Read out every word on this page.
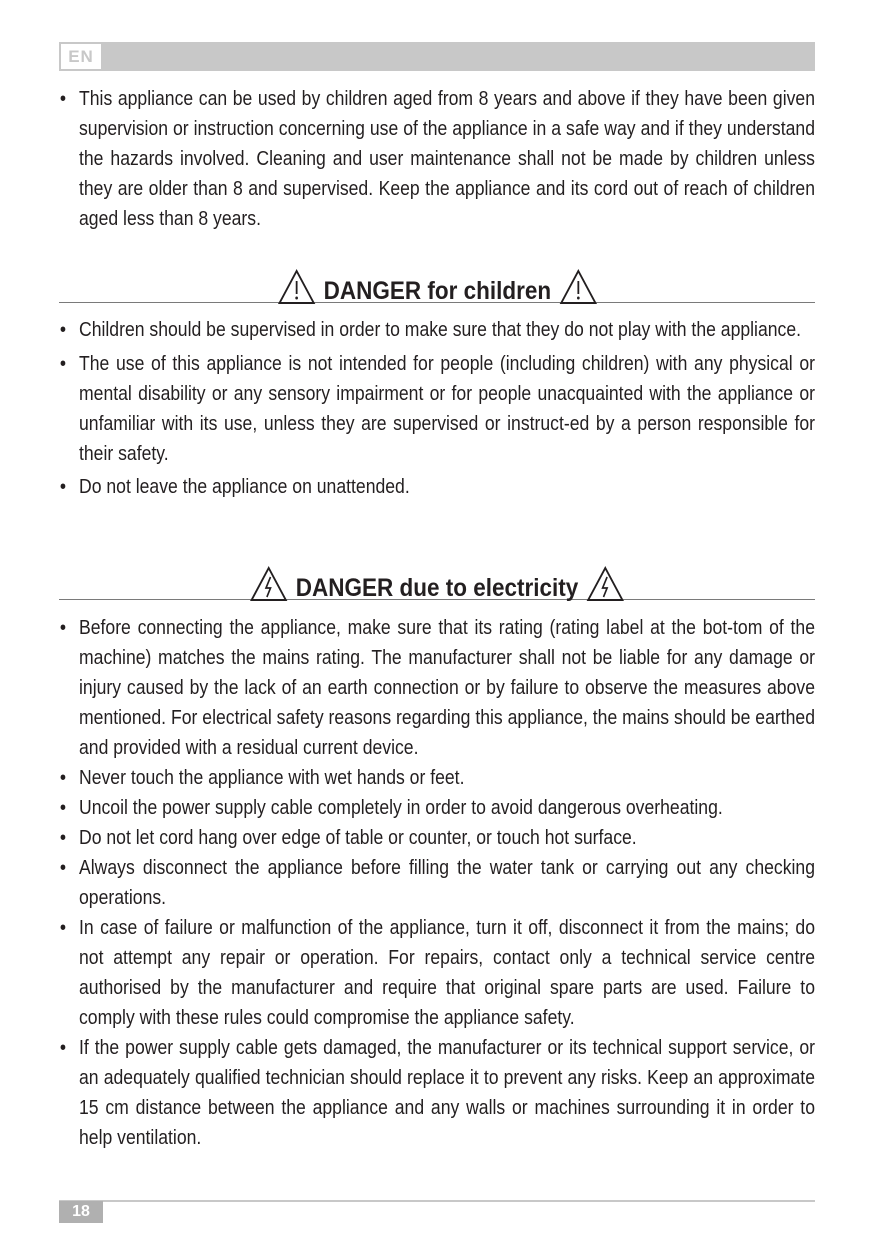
EN
• This appliance can be used by children aged from 8 years and above if they have been given supervision or instruction concerning use of the appliance in a safe way and if they understand the hazards involved. Cleaning and user maintenance shall not be made by children unless they are older than 8 and supervised. Keep the appliance and its cord out of reach of children aged less than 8 years.
DANGER for children
• Children should be supervised in order to make sure that they do not play with the appliance.
• The use of this appliance is not intended for people (including children) with any physical or mental disability or any sensory impairment or for people unacquainted with the appliance or unfamiliar with its use, unless they are supervised or instruct-ed by a person responsible for their safety.
• Do not leave the appliance on unattended.
DANGER due to electricity
• Before connecting the appliance, make sure that its rating (rating label at the bot-tom of the machine) matches the mains rating. The manufacturer shall not be liable for any damage or injury caused by the lack of an earth connection or by failure to observe the measures above mentioned. For electrical safety reasons regarding this appliance, the mains should be earthed and provided with a residual current device.
• Never touch the appliance with wet hands or feet.
• Uncoil the power supply cable completely in order to avoid dangerous overheating.
• Do not let cord hang over edge of table or counter, or touch hot surface.
• Always disconnect the appliance before filling the water tank or carrying out any checking operations.
• In case of failure or malfunction of the appliance, turn it off, disconnect it from the mains; do not attempt any repair or operation. For repairs, contact only a technical service centre authorised by the manufacturer and require that original spare parts are used. Failure to comply with these rules could compromise the appliance safety.
• If the power supply cable gets damaged, the manufacturer or its technical support service, or an adequately qualified technician should replace it to prevent any risks. Keep an approximate 15 cm distance between the appliance and any walls or machines surrounding it in order to help ventilation.
18
